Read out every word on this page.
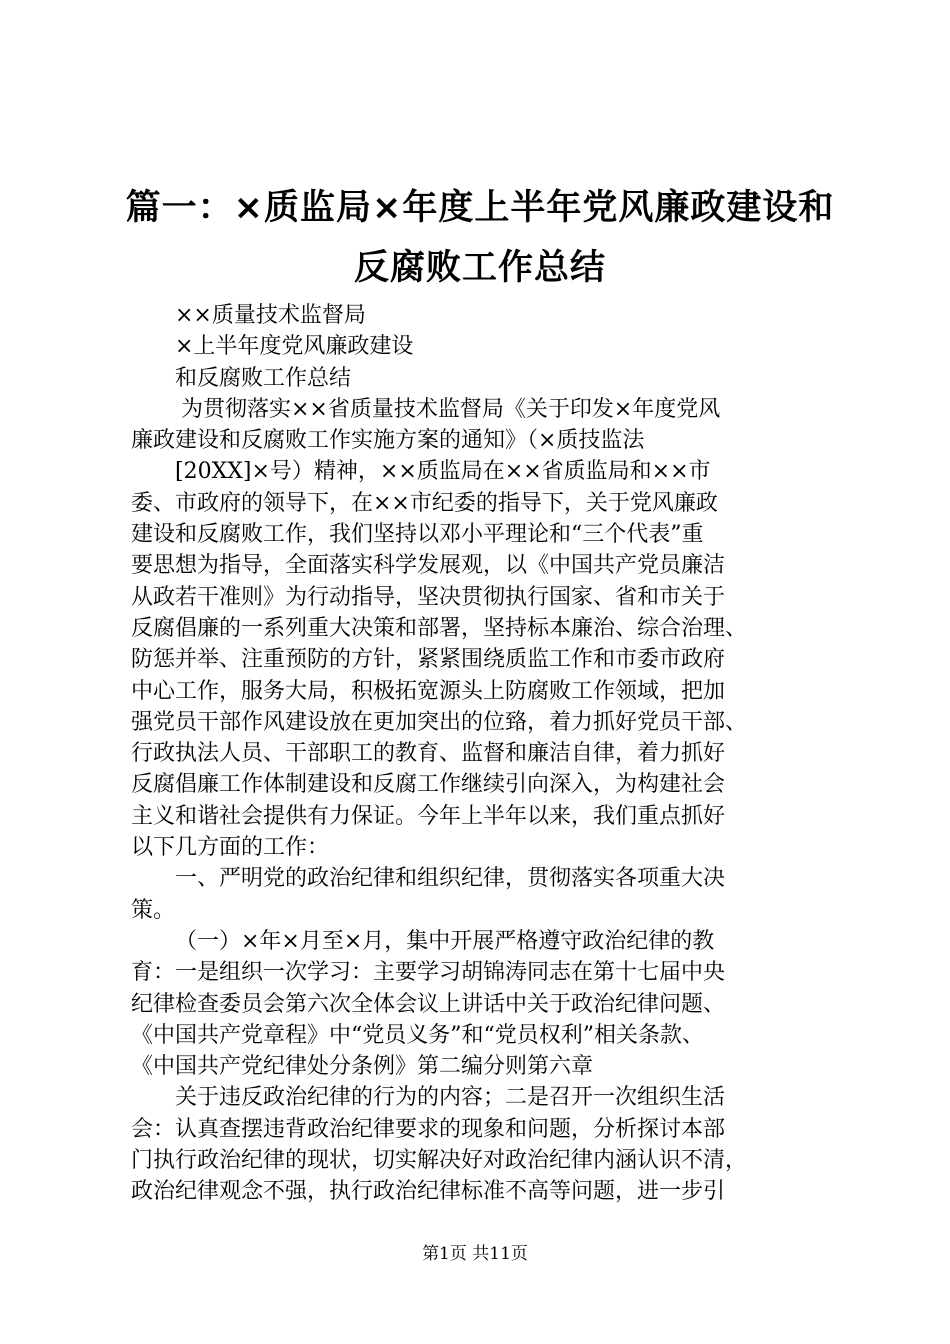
篇一：×质监局×年度上半年党风廉政建设和
反腐败工作总结
××质量技术监督局
×上半年度党风廉政建设
和反腐败工作总结
为贯彻落实××省质量技术监督局《关于印发×年度党风
廉政建设和反腐败工作实施方案的通知》（×质技监法
[20XX]×号）精神，××质监局在××省质监局和××市
委、市政府的领导下，在××市纪委的指导下，关于党风廉政
建设和反腐败工作，我们坚持以邓小平理论和“三个代表”重
要思想为指导，全面落实科学发展观，以《中国共产党员廉洁
从政若干准则》为行动指导，坚决贯彻执行国家、省和市关于
反腐倡廉的一系列重大决策和部署，坚持标本廉治、综合治理、
防惩并举、注重预防的方针，紧紧围绕质监工作和市委市政府
中心工作，服务大局，积极拓宽源头上防腐败工作领域，把加
强党员干部作风建设放在更加突出的位臵，着力抓好党员干部、
行政执法人员、干部职工的教育、监督和廉洁自律，着力抓好
反腐倡廉工作体制建设和反腐工作继续引向深入，为构建社会
主义和谐社会提供有力保证。今年上半年以来，我们重点抓好
以下几方面的工作：
一、严明党的政治纪律和组织纪律，贯彻落实各项重大决
策。
（一）×年×月至×月，集中开展严格遵守政治纪律的教
育：一是组织一次学习：主要学习胡锦涛同志在第十七届中央
纪律检查委员会第六次全体会议上讲话中关于政治纪律问题、
《中国共产党章程》中“党员义务”和“党员权利”相关条款、
《中国共产党纪律处分条例》第二编分则第六章
关于违反政治纪律的行为的内容；二是召开一次组织生活
会：认真查摆违背政治纪律要求的现象和问题，分析探讨本部
门执行政治纪律的现状，切实解决好对政治纪律内涵认识不清，
政治纪律观念不强，执行政治纪律标准不高等问题，进一步引
第1页 共11页
